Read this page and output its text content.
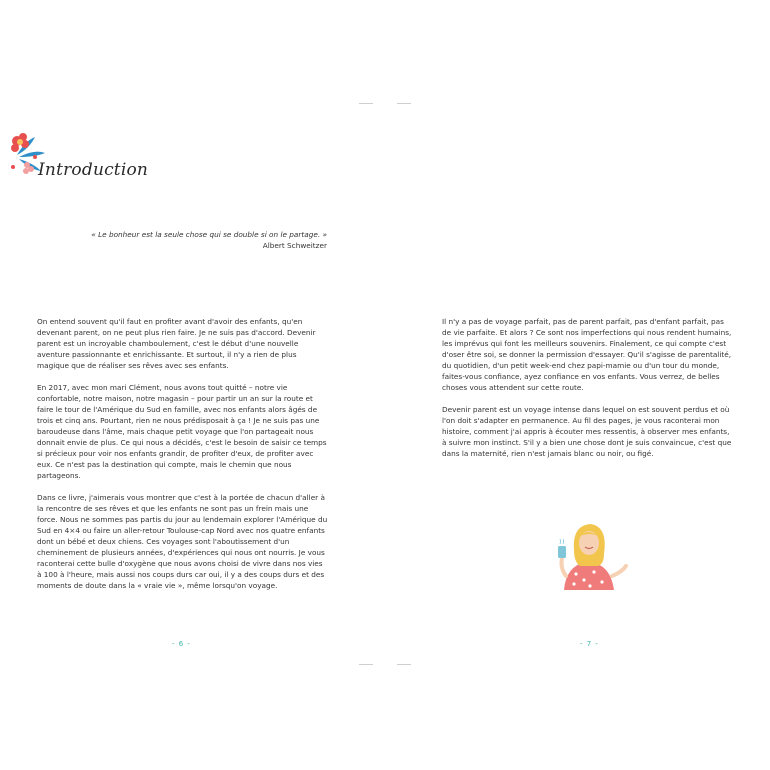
Introduction
« Le bonheur est la seule chose qui se double si on le partage. »
Albert Schweitzer

On entend souvent qu'il faut en profiter avant d'avoir des enfants, qu'en devenant parent, on ne peut plus rien faire. Je ne suis pas d'accord. Devenir parent est un incroyable chamboulement, c'est le début d'une nouvelle aventure passionnante et enrichissante. Et surtout, il n'y a rien de plus magique que de réaliser ses rêves avec ses enfants.

En 2017, avec mon mari Clément, nous avons tout quitté – notre vie confortable, notre maison, notre magasin – pour partir un an sur la route et faire le tour de l'Amérique du Sud en famille, avec nos enfants alors âgés de trois et cinq ans. Pourtant, rien ne nous prédisposait à ça ! Je ne suis pas une baroudeuse dans l'âme, mais chaque petit voyage que l'on partageait nous donnait envie de plus. Ce qui nous a décidés, c'est le besoin de saisir ce temps si précieux pour voir nos enfants grandir, de profiter d'eux, de profiter avec eux. Ce n'est pas la destination qui compte, mais le chemin que nous partageons.

Dans ce livre, j'aimerais vous montrer que c'est à la portée de chacun d'aller à la rencontre de ses rêves et que les enfants ne sont pas un frein mais une force. Nous ne sommes pas partis du jour au lendemain explorer l'Amérique du Sud en 4×4 ou faire un aller-retour Toulouse-cap Nord avec nos quatre enfants dont un bébé et deux chiens. Ces voyages sont l'aboutissement d'un cheminement de plusieurs années, d'expériences qui nous ont nourris. Je vous raconterai cette bulle d'oxygène que nous avons choisi de vivre dans nos vies à 100 à l'heure, mais aussi nos coups durs car oui, il y a des coups durs et des moments de doute dans la « vraie vie », même lorsqu'on voyage.

- 6 -

Il n'y a pas de voyage parfait, pas de parent parfait, pas d'enfant parfait, pas de vie parfaite. Et alors ? Ce sont nos imperfections qui nous rendent humains, les imprévus qui font les meilleurs souvenirs. Finalement, ce qui compte c'est d'oser être soi, se donner la permission d'essayer. Qu'il s'agisse de parentalité, du quotidien, d'un petit week-end chez papi-mamie ou d'un tour du monde, faites-vous confiance, ayez confiance en vos enfants. Vous verrez, de belles choses vous attendent sur cette route.

Devenir parent est un voyage intense dans lequel on est souvent perdus et où l'on doit s'adapter en permanence. Au fil des pages, je vous raconterai mon histoire, comment j'ai appris à écouter mes ressentis, à observer mes enfants, à suivre mon instinct. S'il y a bien une chose dont je suis convaincue, c'est que dans la maternité, rien n'est jamais blanc ou noir, ou figé.

- 7 -
